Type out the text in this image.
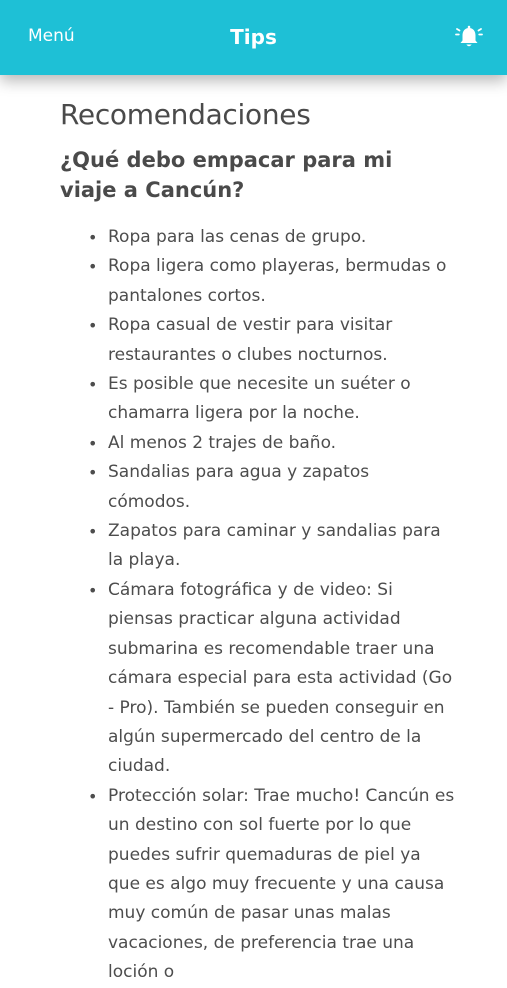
Menú	Tips
Recomendaciones
¿Qué debo empacar para mi viaje a Cancún?
• Ropa para las cenas de grupo.
• Ropa ligera como playeras, bermudas o pantalones cortos.
• Ropa casual de vestir para visitar restaurantes o clubes nocturnos.
• Es posible que necesite un suéter o chamarra ligera por la noche.
• Al menos 2 trajes de baño.
• Sandalias para agua y zapatos cómodos.
• Zapatos para caminar y sandalias para la playa.
• Cámara fotográfica y de video: Si piensas practicar alguna actividad submarina es recomendable traer una cámara especial para esta actividad (Go - Pro). También se pueden conseguir en algún supermercado del centro de la ciudad.
• Protección solar: Trae mucho! Cancún es un destino con sol fuerte por lo que puedes sufrir quemaduras de piel ya que es algo muy frecuente y una causa muy común de pasar unas malas vacaciones, de preferencia trae una loción o
